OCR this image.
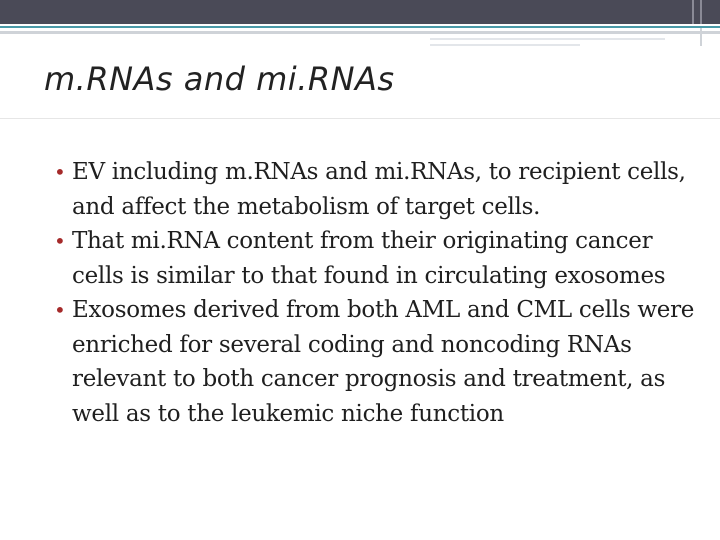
m.RNAs and mi.RNAs
• EV including m.RNAs and mi.RNAs, to recipient cells, and affect the metabolism of target cells.
• That mi.RNA content from their originating cancer cells is similar to that found in circulating exosomes
• Exosomes derived from both AML and CML cells were enriched for several coding and noncoding RNAs relevant to both cancer prognosis and treatment, as well as to the leukemic niche function
